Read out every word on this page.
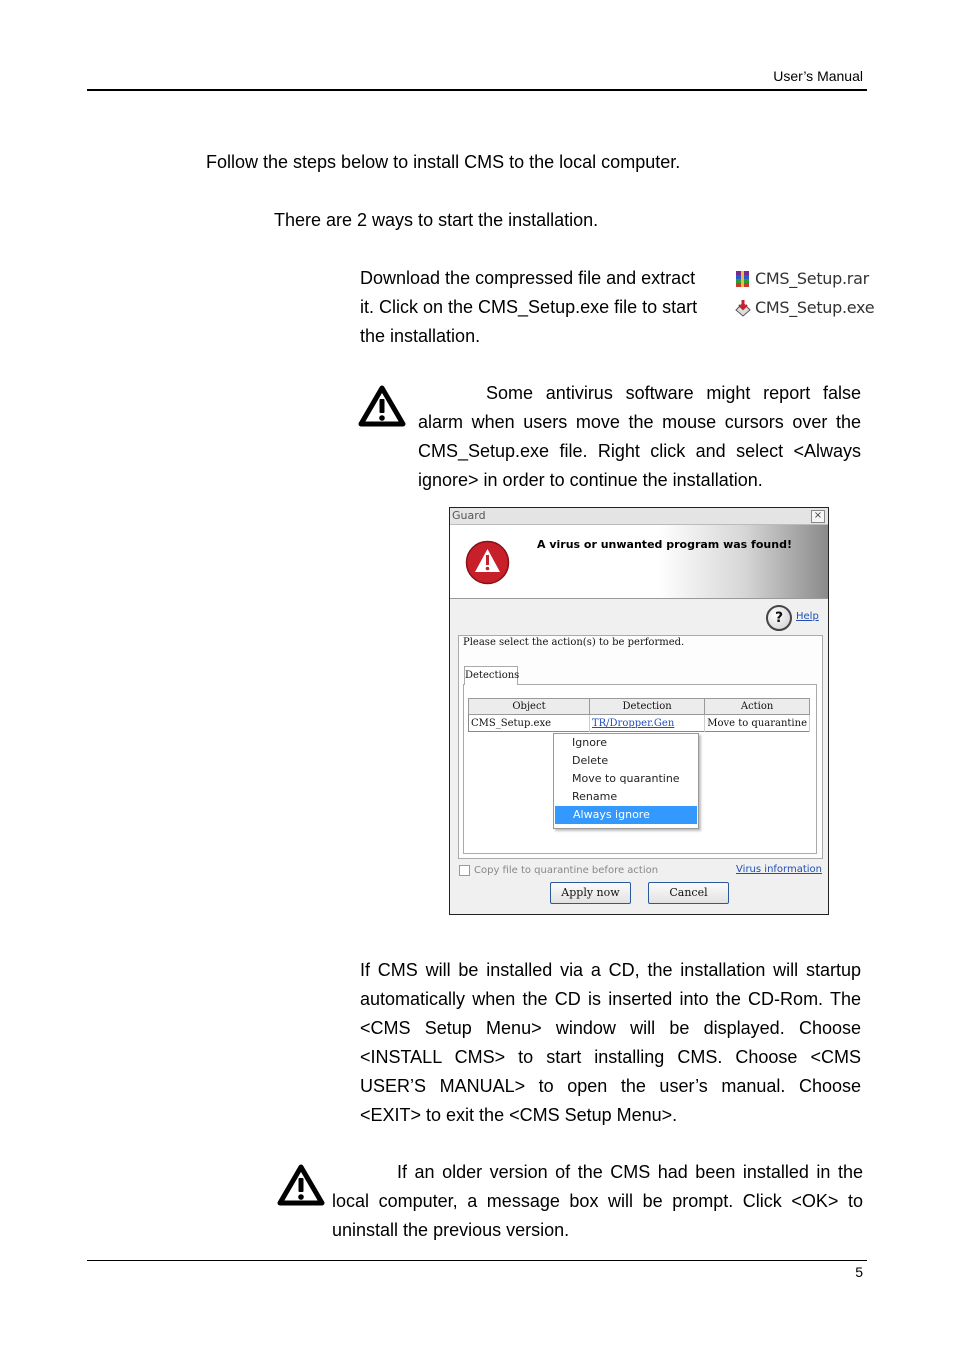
User’s Manual
Follow the steps below to install CMS to the local computer.
There are 2 ways to start the installation.
Download the compressed file and extract
it. Click on the CMS_Setup.exe file to start
the installation.
CMS_Setup.rar
CMS_Setup.exe
Some antivirus software might report false alarm when users move the mouse cursors over the CMS_Setup.exe file. Right click and select <Always ignore> in order to continue the installation.
Guard	×
A virus or unwanted program was found!
?	Help
Please select the action(s) to be performed.
Detections
Object	Detection	Action
CMS_Setup.exe	TR/Dropper.Gen	Move to quarantine
Ignore
Delete
Move to quarantine
Rename
Always ignore
Copy file to quarantine before action	Virus information
Apply now	Cancel
If CMS will be installed via a CD, the installation will startup automatically when the CD is inserted into the CD-Rom. The <CMS Setup Menu> window will be displayed. Choose <INSTALL CMS> to start installing CMS. Choose <CMS USER’S MANUAL> to open the user’s manual. Choose <EXIT> to exit the <CMS Setup Menu>.
If an older version of the CMS had been installed in the local computer, a message box will be prompt. Click <OK> to uninstall the previous version.
5
